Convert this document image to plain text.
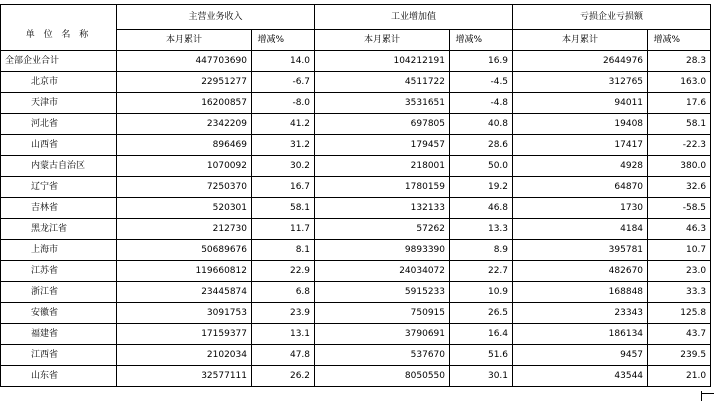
单 位 名 称	主营业务收入		工业增加值		亏损企业亏损额	
	本月累计	增减%	本月累计	增减%	本月累计	增减%
全部企业合计	447703690	14.0	104212191	16.9	2644976	28.3
北京市	22951277	-6.7	4511722	-4.5	312765	163.0
天津市	16200857	-8.0	3531651	-4.8	94011	17.6
河北省	2342209	41.2	697805	40.8	19408	58.1
山西省	896469	31.2	179457	28.6	17417	-22.3
内蒙古自治区	1070092	30.2	218001	50.0	4928	380.0
辽宁省	7250370	16.7	1780159	19.2	64870	32.6
吉林省	520301	58.1	132133	46.8	1730	-58.5
黑龙江省	212730	11.7	57262	13.3	4184	46.3
上海市	50689676	8.1	9893390	8.9	395781	10.7
江苏省	119660812	22.9	24034072	22.7	482670	23.0
浙江省	23445874	6.8	5915233	10.9	168848	33.3
安徽省	3091753	23.9	750915	26.5	23343	125.8
福建省	17159377	13.1	3790691	16.4	186134	43.7
江西省	2102034	47.8	537670	51.6	9457	239.5
山东省	32577111	26.2	8050550	30.1	43544	21.0
